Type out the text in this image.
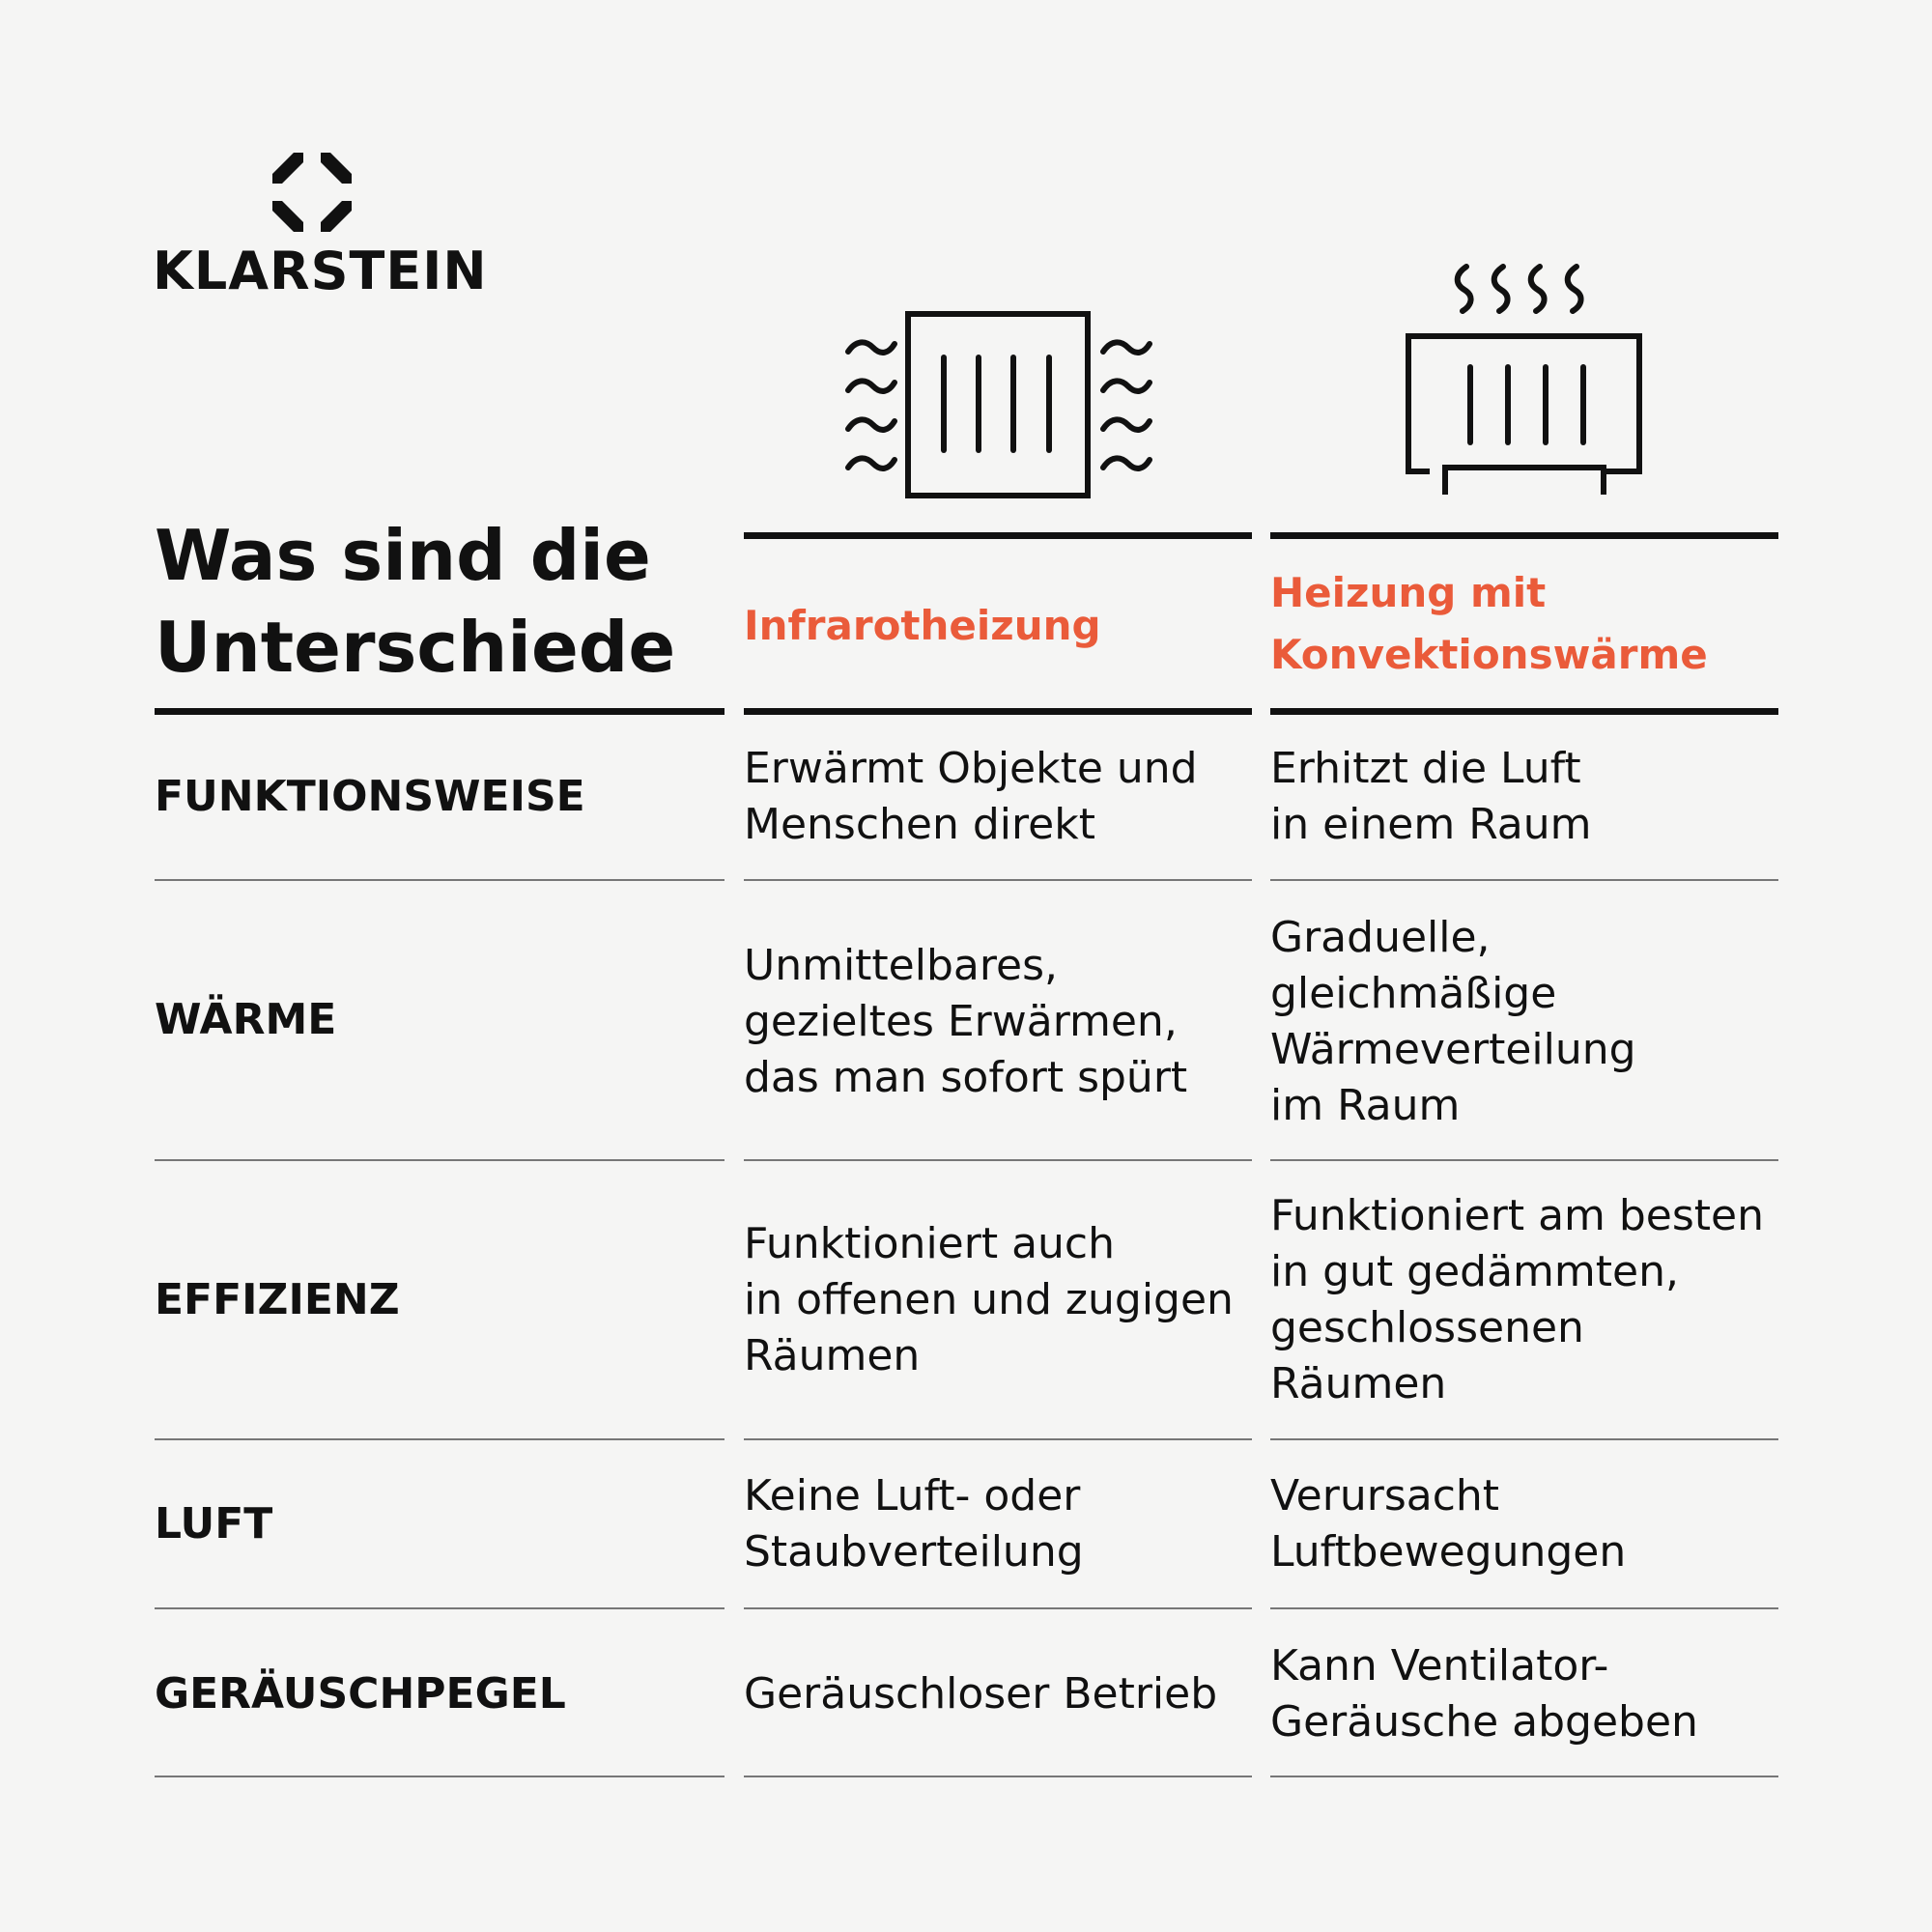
KLARSTEIN
Was sind die
Unterschiede	Infrarotheizung
Heizung mit
Konvektionswärme
FUNKTIONSWEISE
Erwärmt Objekte und
Menschen direkt
Erhitzt die Luft
in einem Raum
WÄRME
Unmittelbares,
gezieltes Erwärmen,
das man sofort spürt
Graduelle,
gleichmäßige
Wärmeverteilung
im Raum
EFFIZIENZ
Funktioniert auch
in offenen und zugigen
Räumen
Funktioniert am besten
in gut gedämmten,
geschlossenen
Räumen
LUFT
Keine Luft- oder
Staubverteilung
Verursacht
Luftbewegungen
GERÄUSCHPEGEL	Geräuschloser Betrieb
Kann Ventilator-
Geräusche abgeben
